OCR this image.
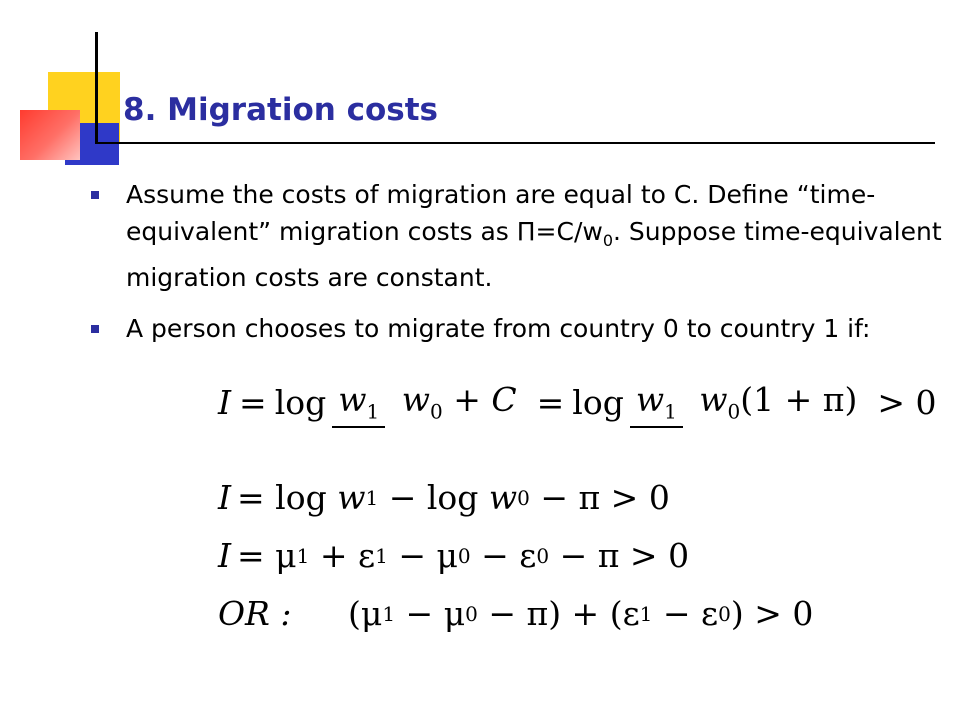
8. Migration costs
Assume the costs of migration are equal to C. Define “time-equivalent” migration costs as $\Pi=C/w_0$. Suppose time-equivalent migration costs are constant.
A person chooses to migrate from country 0 to country 1 if:
$I = \log w_1$ $w_0 + C = \log w_1$ $w_0(1 + \pi) > 0$
I = log w 1 − log w 0 − π > 0
I = μ 1 + ε 1 − μ 0 − ε 0 − π > 0
OR :	(μ 1 − μ 0 − π) + (ε 1 − ε 0 ) > 0
